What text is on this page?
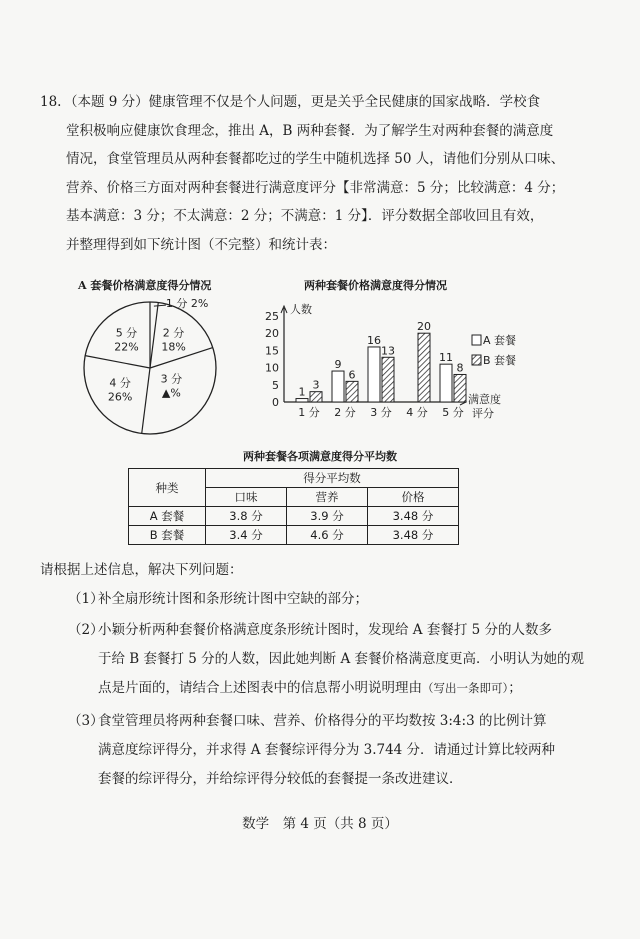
18. （本题 9 分）健康管理不仅是个人问题，更是关乎全民健康的国家战略．学校食

堂积极响应健康饮食理念，推出 A，B 两种套餐．为了解学生对两种套餐的满意度

情况，食堂管理员从两种套餐都吃过的学生中随机选择 50 人，请他们分别从口味、

营养、价格三方面对两种套餐进行满意度评分【非常满意：5 分；比较满意：4 分；

基本满意：3 分；不太满意：2 分；不满意：1 分】．评分数据全部收回且有效，

并整理得到如下统计图（不完整）和统计表：

A 套餐价格满意度得分情况
1 分 2%
2 分
18%
3 分
▲%
4 分
26%
5 分
22%
两种套餐价格满意度得分情况
人数
0
5
10
15
20
25
1
3
1 分
9
6
2 分
16
13
3 分
20
4 分
11
8
5 分
满意度
评分
A 套餐
B 套餐
两种套餐各项满意度得分平均数
种类	得分平均数		
	口味	营养	价格
A 套餐	3.8 分	3.9 分	3.48 分
B 套餐	3.4 分	4.6 分	3.48 分
请根据上述信息，解决下列问题：
（1）补全扇形统计图和条形统计图中空缺的部分；
（2）小颖分析两种套餐价格满意度条形统计图时，发现给 A 套餐打 5 分的人数多
于给 B 套餐打 5 分的人数，因此她判断 A 套餐价格满意度更高．小明认为她的观
点是片面的，请结合上述图表中的信息帮小明说明理由（写出一条即可）；
（3）食堂管理员将两种套餐口味、营养、价格得分的平均数按 3:4:3 的比例计算
满意度综评得分，并求得 A 套餐综评得分为 3.744 分．请通过计算比较两种
套餐的综评得分，并给综评得分较低的套餐提一条改进建议．
数学　第 4 页（共 8 页）
